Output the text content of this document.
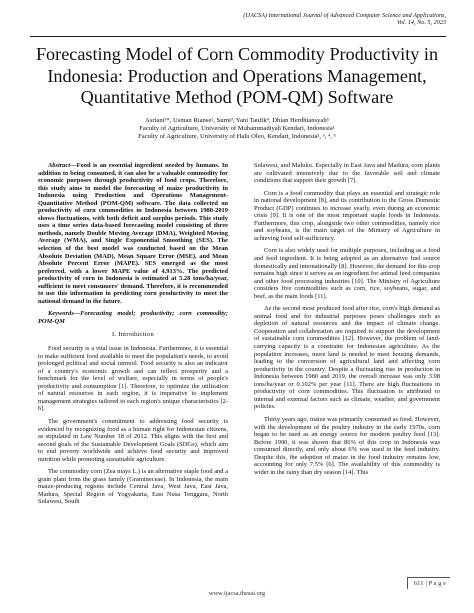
(IJACSA) International Journal of Advanced Computer Science and Applications,
Vol. 14, No. 5, 2023
Forecasting Model of Corn Commodity Productivity in Indonesia: Production and Operations Management, Quantitative Method (POM-QM) Software
Asriani¹*, Usman Rianse², Surni³, Yani Taufik⁴, Dhian Herdhiansyah⁵
Faculty of Agriculture, University of Muhammadiyah Kendari, Indonesia¹
Faculty of Agriculture, University of Halu Oleo, Kendari, Indonesia², ³, ⁴, ⁵

Abstract—Food is an essential ingredient needed by humans. In addition to being consumed, it can also be a valuable commodity for economic purposes through productivity of food crops. Therefore, this study aims to model the forecasting of maize productivity in Indonesia using Production and Operations Management-Quantitative Method (POM-QM) software. The data collected on productivity of corn commodities in Indonesia between 1980-2019 shows fluctuations, with both deficit and surplus periods. This study uses a time series data-based forecasting model consisting of three methods, namely Double Moving Average (DMA), Weighted Moving Average (WMA), and Single Exponential Smoothing (SES). The selection of the best model was conducted based on the Mean Absolute Deviation (MAD), Mean Square Error (MSE), and Mean Absolute Percent Error (MAPE). SES emerged as the most preferred, with a lower MAPE value of 4.913%. The predicted productivity of corn in Indonesia is estimated at 5.28 tons/ha/year, sufficient to meet consumers' demand. Therefore, it is recommended to use this information in predicting corn productivity to meet the national demand in the future.

Keywords—Forecasting model; productivity; corn commodity; POM-QM

I. Introduction

Food security is a vital issue in Indonesia. Furthermore, it is essential to make sufficient food available to meet the population's needs, to avoid prolonged political and social turmoil. Food security is also an indicator of a country's economic growth and can reflect prosperity and a benchmark for the level of welfare, especially in terms of people's productivity and consumption [1]. Therefore, to optimize the utilization of natural resources in each region, it is imperative to implement management strategies tailored to each region's unique characteristics [2-6].

The government's commitment to addressing food security is evidenced by recognizing food as a human right for Indonesian citizens, as stipulated in Law Number 18 of 2012. This aligns with the first and second goals of the Sustainable Development Goals (SDGs), which aim to end poverty worldwide and achieve food security and improved nutrition while promoting sustainable agriculture.

The commodity corn (Zea mays L.) is an alternative staple food and a grain plant from the grass family (Gramineceae). In Indonesia, the main maize-producing regions include Central Java, West Java, East Java, Madura, Special Region of Yogyakarta, East Nusa Tenggara, North Sulawesi, South

Sulawesi, and Maluku. Especially in East Java and Madura, corn plants are cultivated intensively due to the favorable soil and climate conditions that support their growth [7].

Corn is a food commodity that plays an essential and strategic role in national development [8], and its contribution to the Gross Domestic Product (GDP) continues to increase yearly, even during an economic crisis [9]. It is one of the most important staple foods in Indonesia. Furthermore, this crop, alongside two other commodities, namely rice and soybeans, is the main target of the Ministry of Agriculture in achieving food self-sufficiency.

Corn is also widely used for multiple purposes, including as a food and feed ingredient. It is being adopted as an alternative fuel source domestically and internationally [8]. However, the demand for this crop remains high since it serves as an ingredient for animal feed companies and other food processing industries [10]. The Ministry of Agriculture considers five commodities such as corn, rice, soybeans, sugar, and beef, as the main foods [11].

As the second most produced food after rice, corn's high demand as animal food and for industrial purposes poses challenges such as depletion of natural resources and the impact of climate change. Cooperation and collaboration are required to support the development of sustainable corn commodities [12]. However, the problem of land-carrying capacity is a constraint for Indonesian agriculture. As the population increases, more land is needed to meet housing demands, leading to the conversion of agricultural land and affecting corn productivity in the country. Despite a fluctuating rise in production in Indonesia between 1980 and 2019, the overall increase was only 3.98 tons/ha/year or 0.102% per year [11]. There are high fluctuations in productivity of corn commodities. This fluctuation is attributed to internal and external factors such as climate, weather, and government policies.

Thirty years ago, maize was primarily consumed as food. However, with the development of the poultry industry in the early 1970s, corn began to be used as an energy source for modern poultry feed [13]. Before 1990, it was shown that 86% of this crop in Indonesia was consumed directly, and only about 6% was used in the feed industry. Despite this, the adoption of maize in the food industry remains low, accounting for only 7.5% [6]. The availability of this commodity is wider in the rainy than dry season [14]. This

611 | P a g e
www.ijacsa.thesai.org
